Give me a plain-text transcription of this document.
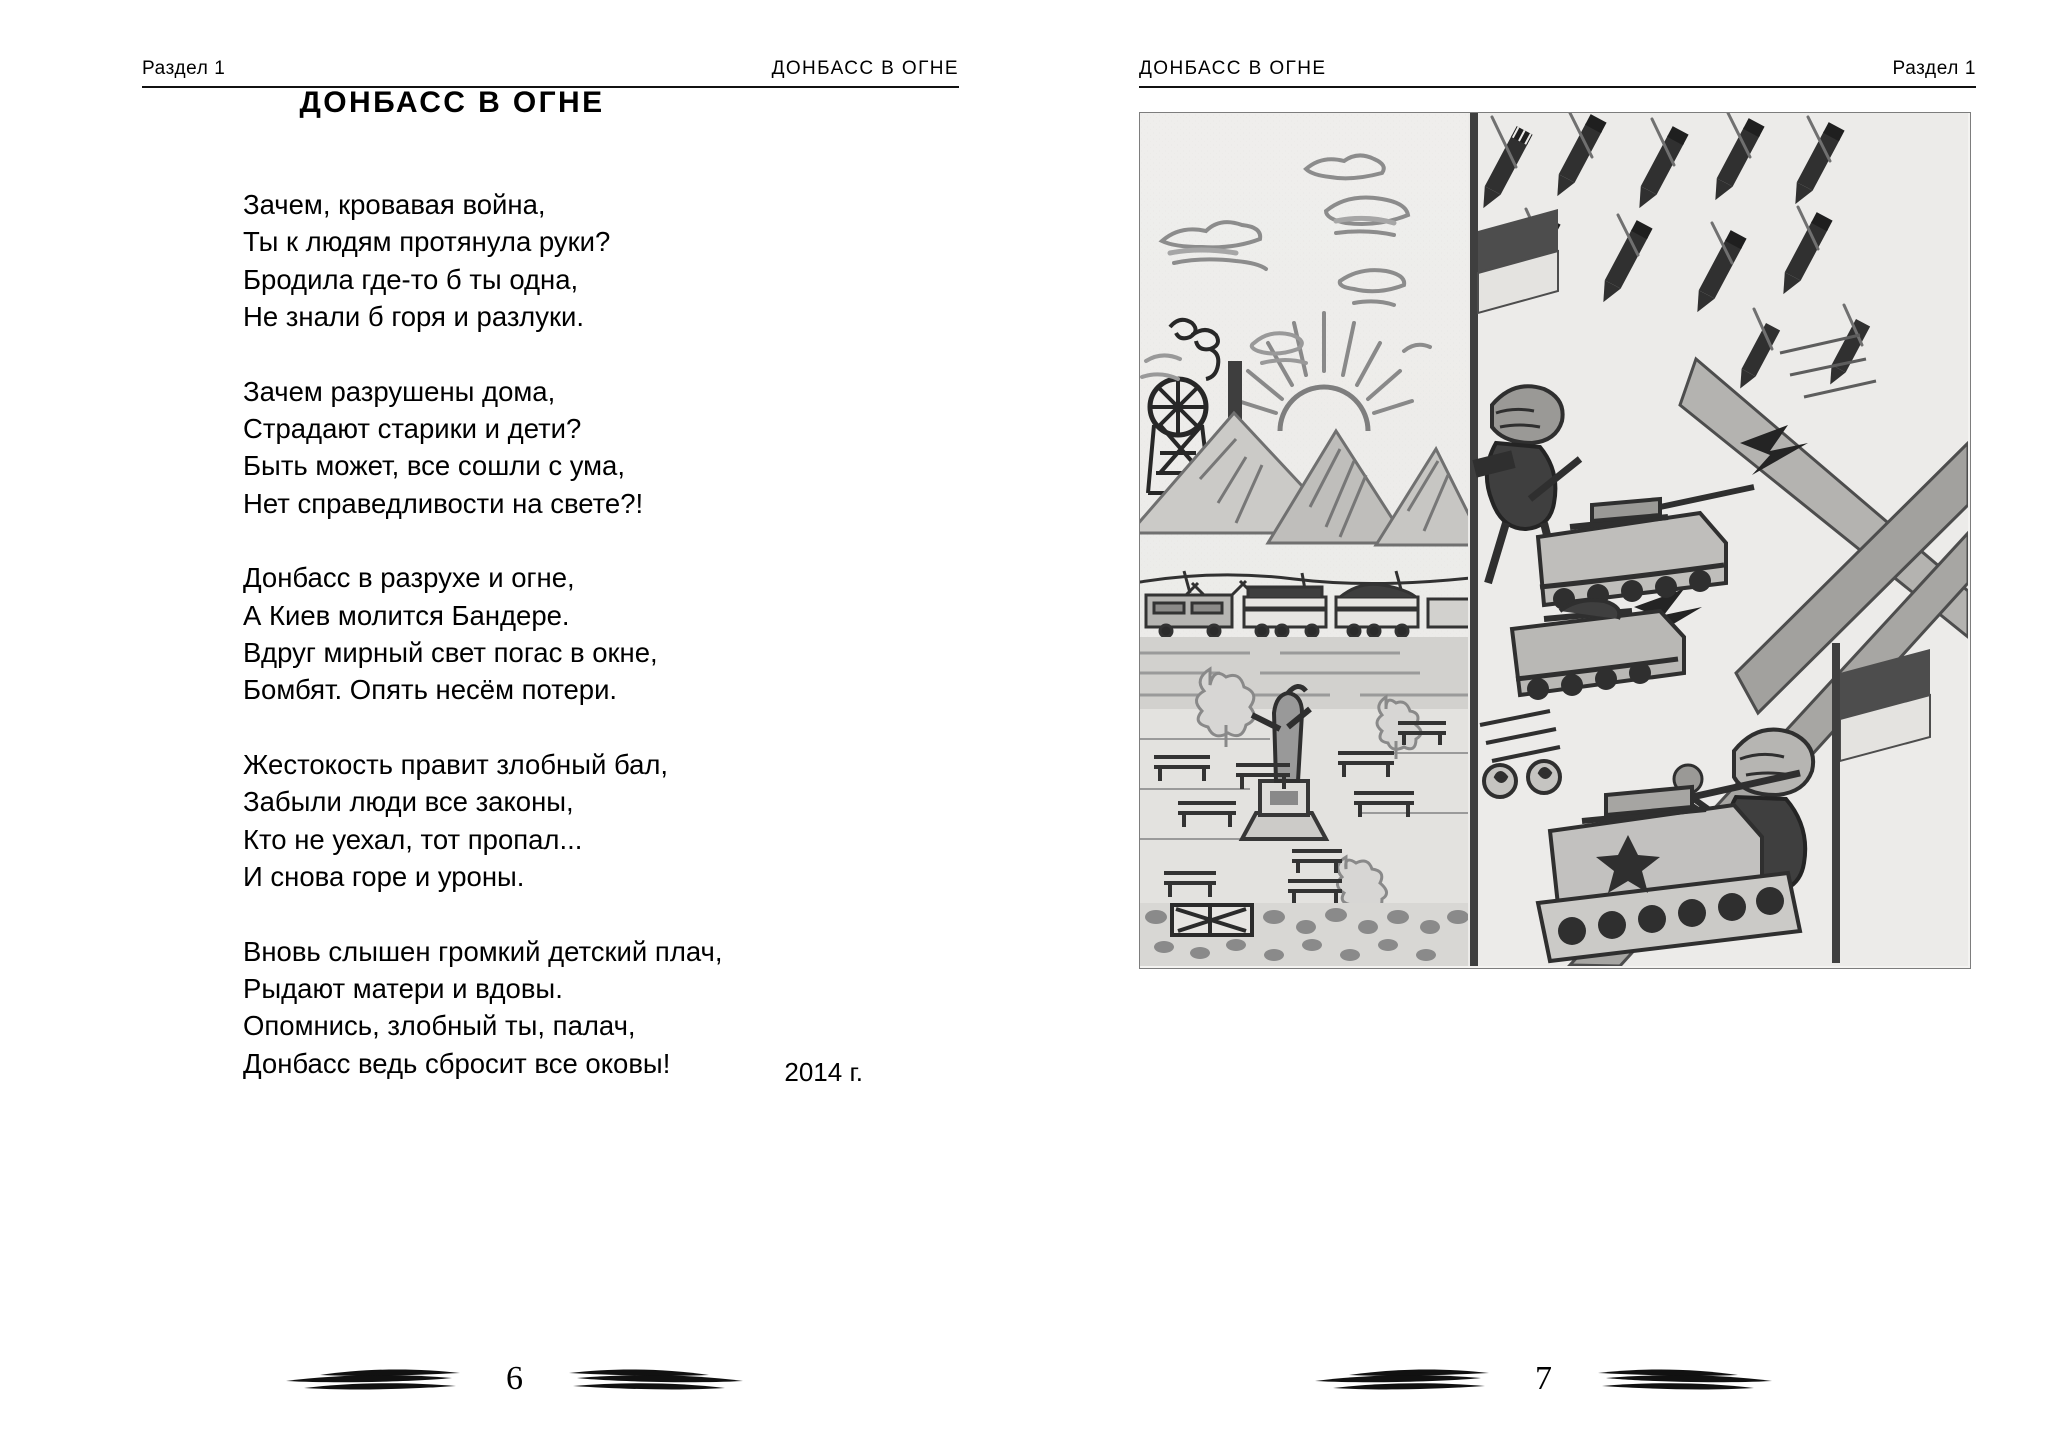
Раздел 1	ДОНБАСС В ОГНЕ
ДОНБАСС В ОГНЕ
Зачем, кровавая война,
Ты к людям протянула руки?
Бродила где-то б ты одна,
Не знали б горя и разлуки.
Зачем разрушены дома,
Страдают старики и дети?
Быть может, все сошли с ума,
Нет справедливости на свете?!
Донбасс в разрухе и огне,
А Киев молится Бандере.
Вдруг мирный свет погас в окне,
Бомбят. Опять несём потери.
Жестокость правит злобный бал,
Забыли люди все законы,
Кто не уехал, тот пропал...
И снова горе и уроны.
Вновь слышен громкий детский плач,
Рыдают матери и вдовы.
Опомнись, злобный ты, палач,
Донбасс ведь сбросит все оковы!	2014 г.
6
ДОНБАСС В ОГНЕ	Раздел 1
7
